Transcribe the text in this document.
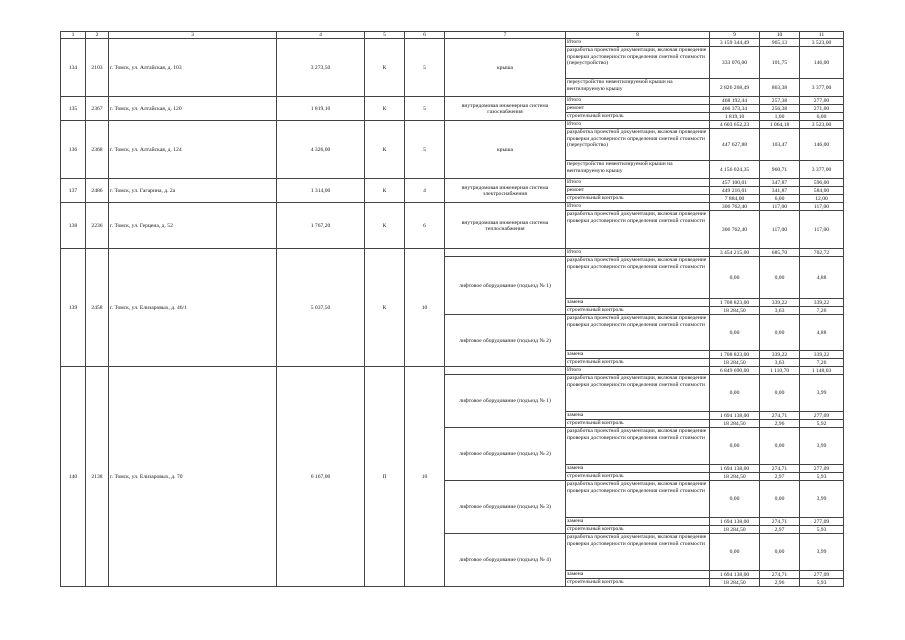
1	2	3	4	5	6	7	8	9	10	11
134	2103	г. Томск, ул. Алтайская, д. 103	3 273,50	К	5	крыша	Итого	3 159 344,49	965,13	3 523,00
							разработка проектной документации, включая проведение проверки достоверности определения сметной стоимости (переустройство)	333 076,00	101,75	146,00
							переустройство невентилируемой крыши на вентилируемую крышу	2 826 268,49	863,38	3 377,00
135	2367	г. Томск, ул. Алтайская, д. 120	1 819,10	К	5	внутридомовая инженерная система газоснабжения	Итого	468 192,44	257,38	277,00
							ремонт	466 373,34	256,38	271,00
							строительный контроль	1 819,10	1,00	6,00
136	2368	г. Томск, ул. Алтайская, д. 124	4 326,00	К	5	крыша	Итого	4 603 652,23	1 064,18	3 523,00
							разработка проектной документации, включая проведение проверки достоверности определения сметной стоимости (переустройство)	447 627,88	103,47	146,00
							переустройство невентилируемой крыши на вентилируемую крышу	4 156 024,35	960,71	3 377,00
137	2486	г. Томск, ул. Гагарина, д. 2а	1 314,00	К	4	внутридомовая инженерная система электроснабжения	Итого	457 100,01	347,87	596,00
							ремонт	449 216,01	341,87	584,00
							строительный контроль	7 884,00	6,00	12,00
138	2236	г. Томск, ул. Герцена, д. 52	1 767,20	К	6	внутридомовая инженерная система теплоснабжения	Итого	306 762,40	117,00	117,00
							разработка проектной документации, включая проведение проверки достоверности определения сметной стоимости	306 762,40	117,00	117,00
139	2458	г. Томск, ул. Елизаровых, д. 46/1	5 037,50	К	10		Итого	3 454 215,00	685,70	702,72
						лифтовое оборудование (подъезд № 1)	разработка проектной документации, включая проведение проверки достоверности определения сметной стоимости	0,00	0,00	4,88
							замена	1 708 823,00	339,22	339,22
							строительный контроль	18 284,50	3,63	7,26
						лифтовое оборудование (подъезд № 2)	разработка проектной документации, включая проведение проверки достоверности определения сметной стоимости	0,00	0,00	4,88
							замена	1 708 823,00	339,22	339,22
							строительный контроль	18 284,50	3,63	7,26
140	2138	г. Томск, ул. Елизаровых, д. 70	6 167,00	П	10		Итого	6 849 690,00	1 110,70	1 148,03
						лифтовое оборудование (подъезд № 1)	разработка проектной документации, включая проведение проверки достоверности определения сметной стоимости	0,00	0,00	3,99
							замена	1 694 138,00	274,71	277,09
							строительный контроль	18 284,50	2,96	5,92
						лифтовое оборудование (подъезд № 2)	разработка проектной документации, включая проведение проверки достоверности определения сметной стоимости	0,00	0,00	3,99
							замена	1 694 138,00	274,71	277,09
							строительный контроль	18 284,50	2,97	5,93
						лифтовое оборудование (подъезд № 3)	разработка проектной документации, включая проведение проверки достоверности определения сметной стоимости	0,00	0,00	3,99
							замена	1 694 138,00	274,71	277,09
							строительный контроль	18 284,50	2,97	5,93
						лифтовое оборудование (подъезд № 4)	разработка проектной документации, включая проведение проверки достоверности определения сметной стоимости	0,00	0,00	3,99
							замена	1 694 138,00	274,71	277,09
							строительный контроль	18 284,50	2,96	5,93
